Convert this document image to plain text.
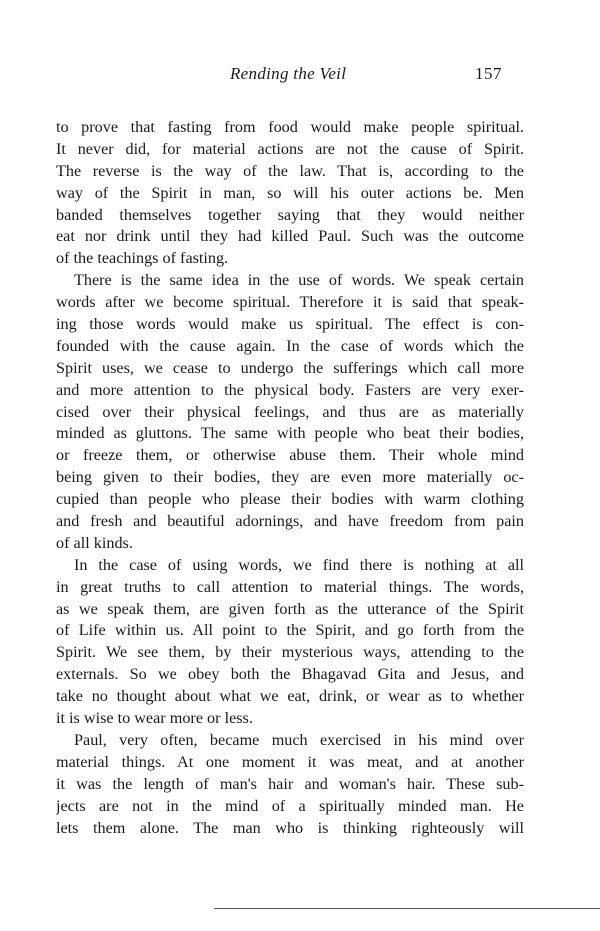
Rending the Veil	157
to prove that fasting from food would make people spiritual.
It never did, for material actions are not the cause of Spirit.
The reverse is the way of the law. That is, according to the
way of the Spirit in man, so will his outer actions be. Men
banded themselves together saying that they would neither
eat nor drink until they had killed Paul. Such was the outcome
of the teachings of fasting.
There is the same idea in the use of words. We speak certain
words after we become spiritual. Therefore it is said that speak-
ing those words would make us spiritual. The effect is con-
founded with the cause again. In the case of words which the
Spirit uses, we cease to undergo the sufferings which call more
and more attention to the physical body. Fasters are very exer-
cised over their physical feelings, and thus are as materially
minded as gluttons. The same with people who beat their bodies,
or freeze them, or otherwise abuse them. Their whole mind
being given to their bodies, they are even more materially oc-
cupied than people who please their bodies with warm clothing
and fresh and beautiful adornings, and have freedom from pain
of all kinds.
In the case of using words, we find there is nothing at all
in great truths to call attention to material things. The words,
as we speak them, are given forth as the utterance of the Spirit
of Life within us. All point to the Spirit, and go forth from the
Spirit. We see them, by their mysterious ways, attending to the
externals. So we obey both the Bhagavad Gita and Jesus, and
take no thought about what we eat, drink, or wear as to whether
it is wise to wear more or less.
Paul, very often, became much exercised in his mind over
material things. At one moment it was meat, and at another
it was the length of man's hair and woman's hair. These sub-
jects are not in the mind of a spiritually minded man. He
lets them alone. The man who is thinking righteously will
